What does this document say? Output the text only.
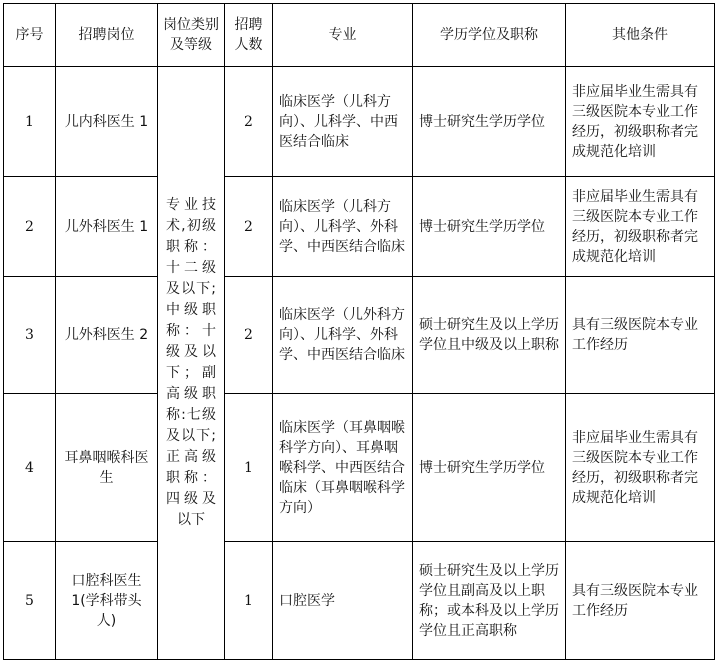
序号	招聘岗位	岗位类别及等级	招聘人数	专业	学历学位及职称	其他条件
1	儿内科医生 1	专业技术,初级职称：十二级及以下;中级职称：十级及以下；副高级职称:七级及以下;正高级职称：四级及以下	2	临床医学（儿科方向）、儿科学、中西医结合临床	博士研究生学历学位	非应届毕业生需具有三级医院本专业工作经历，初级职称者完成规范化培训
2	儿外科医生 1		2	临床医学（儿科方向）、儿科学、外科学、中西医结合临床	博士研究生学历学位	非应届毕业生需具有三级医院本专业工作经历，初级职称者完成规范化培训
3	儿外科医生 2		2	临床医学（儿外科方向）、儿科学、外科学、中西医结合临床	硕士研究生及以上学历学位且中级及以上职称	具有三级医院本专业工作经历
4	耳鼻咽喉科医生		1	临床医学（耳鼻咽喉科学方向）、耳鼻咽喉科学、中西医结合临床（耳鼻咽喉科学方向）	博士研究生学历学位	非应届毕业生需具有三级医院本专业工作经历，初级职称者完成规范化培训
5	口腔科医生1(学科带头人)		1	口腔医学	硕士研究生及以上学历学位且副高及以上职称；或本科及以上学历学位且正高职称	具有三级医院本专业工作经历
